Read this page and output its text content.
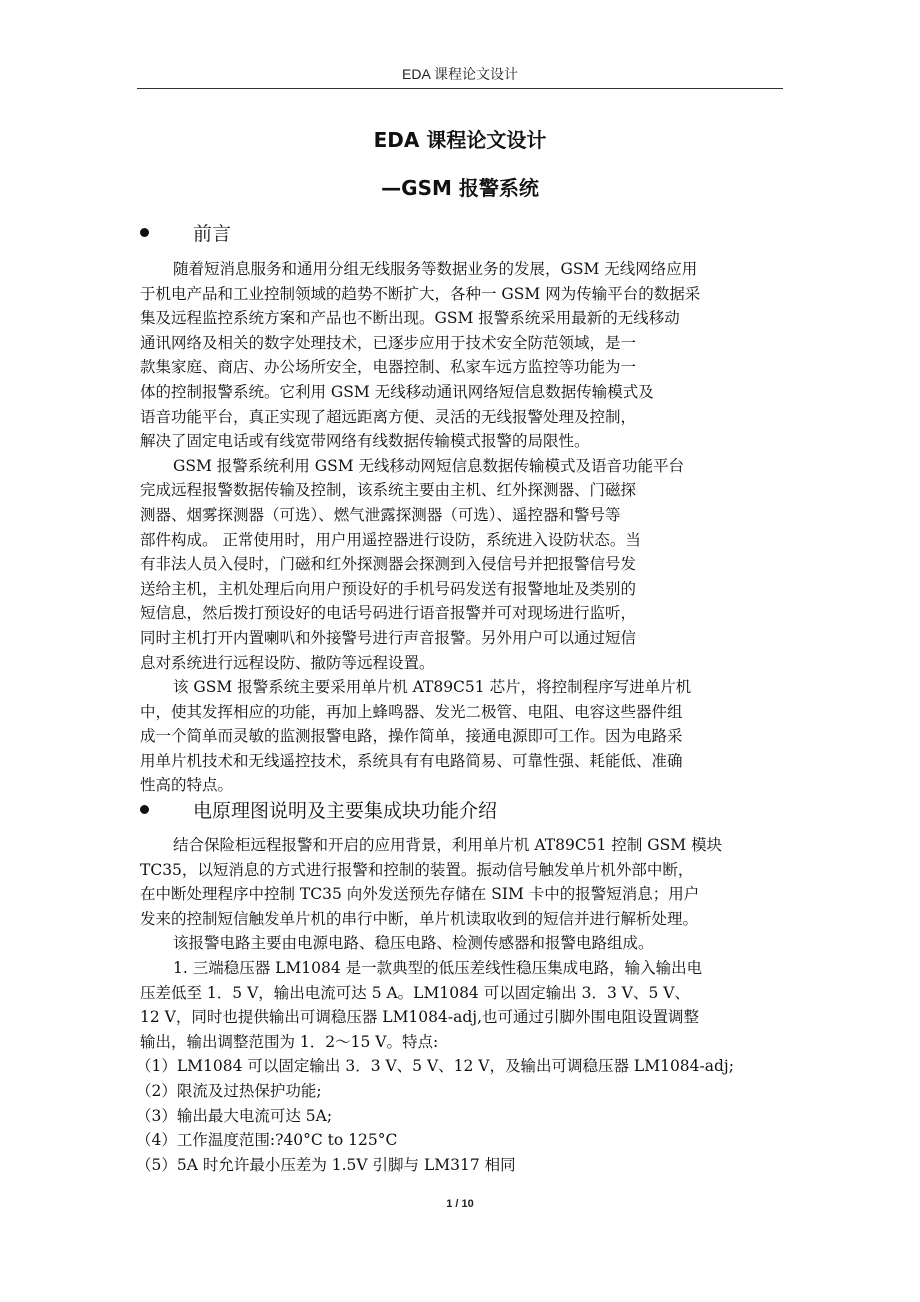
EDA 课程论文设计
EDA 课程论文设计
—GSM 报警系统
前言
随着短消息服务和通用分组无线服务等数据业务的发展，GSM 无线网络应用
于机电产品和工业控制领域的趋势不断扩大，各种一 GSM 网为传输平台的数据采
集及远程监控系统方案和产品也不断出现。GSM 报警系统采用最新的无线移动
通讯网络及相关的数字处理技术，已逐步应用于技术安全防范领域，是一
款集家庭、商店、办公场所安全，电器控制、私家车远方监控等功能为一
体的控制报警系统。它利用 GSM 无线移动通讯网络短信息数据传输模式及
语音功能平台，真正实现了超远距离方便、灵活的无线报警处理及控制，
解决了固定电话或有线宽带网络有线数据传输模式报警的局限性。
GSM 报警系统利用 GSM 无线移动网短信息数据传输模式及语音功能平台
完成远程报警数据传输及控制，该系统主要由主机、红外探测器、门磁探
测器、烟雾探测器（可选）、燃气泄露探测器（可选）、遥控器和警号等
部件构成。 正常使用时，用户用遥控器进行设防，系统进入设防状态。当
有非法人员入侵时，门磁和红外探测器会探测到入侵信号并把报警信号发
送给主机，主机处理后向用户预设好的手机号码发送有报警地址及类别的
短信息，然后拨打预设好的电话号码进行语音报警并可对现场进行监听，
同时主机打开内置喇叭和外接警号进行声音报警。另外用户可以通过短信
息对系统进行远程设防、撤防等远程设置。
该 GSM 报警系统主要采用单片机 AT89C51 芯片，将控制程序写进单片机
中，使其发挥相应的功能，再加上蜂鸣器、发光二极管、电阻、电容这些器件组
成一个简单而灵敏的监测报警电路，操作简单，接通电源即可工作。因为电路采
用单片机技术和无线遥控技术，系统具有有电路简易、可靠性强、耗能低、准确
性高的特点。
电原理图说明及主要集成块功能介绍
结合保险柜远程报警和开启的应用背景，利用单片机 AT89C51 控制 GSM 模块
TC35，以短消息的方式进行报警和控制的装置。振动信号触发单片机外部中断，
在中断处理程序中控制 TC35 向外发送预先存储在 SIM 卡中的报警短消息；用户
发来的控制短信触发单片机的串行中断，单片机读取收到的短信并进行解析处理。
该报警电路主要由电源电路、稳压电路、检测传感器和报警电路组成。
1. 三端稳压器 LM1084 是一款典型的低压差线性稳压集成电路，输入输出电
压差低至 1．5 V，输出电流可达 5 A。LM1084 可以固定输出 3．3 V、5 V、
12 V，同时也提供输出可调稳压器 LM1084-adj,也可通过引脚外围电阻设置调整
输出，输出调整范围为 1．2～15 V。特点:
（1）LM1084 可以固定输出 3．3 V、5 V、12 V，及输出可调稳压器 LM1084-adj;
（2）限流及过热保护功能;
（3）输出最大电流可达 5A;
（4）工作温度范围:?40°C to 125°C
（5）5A 时允许最小压差为 1.5V 引脚与 LM317 相同
1 / 10
